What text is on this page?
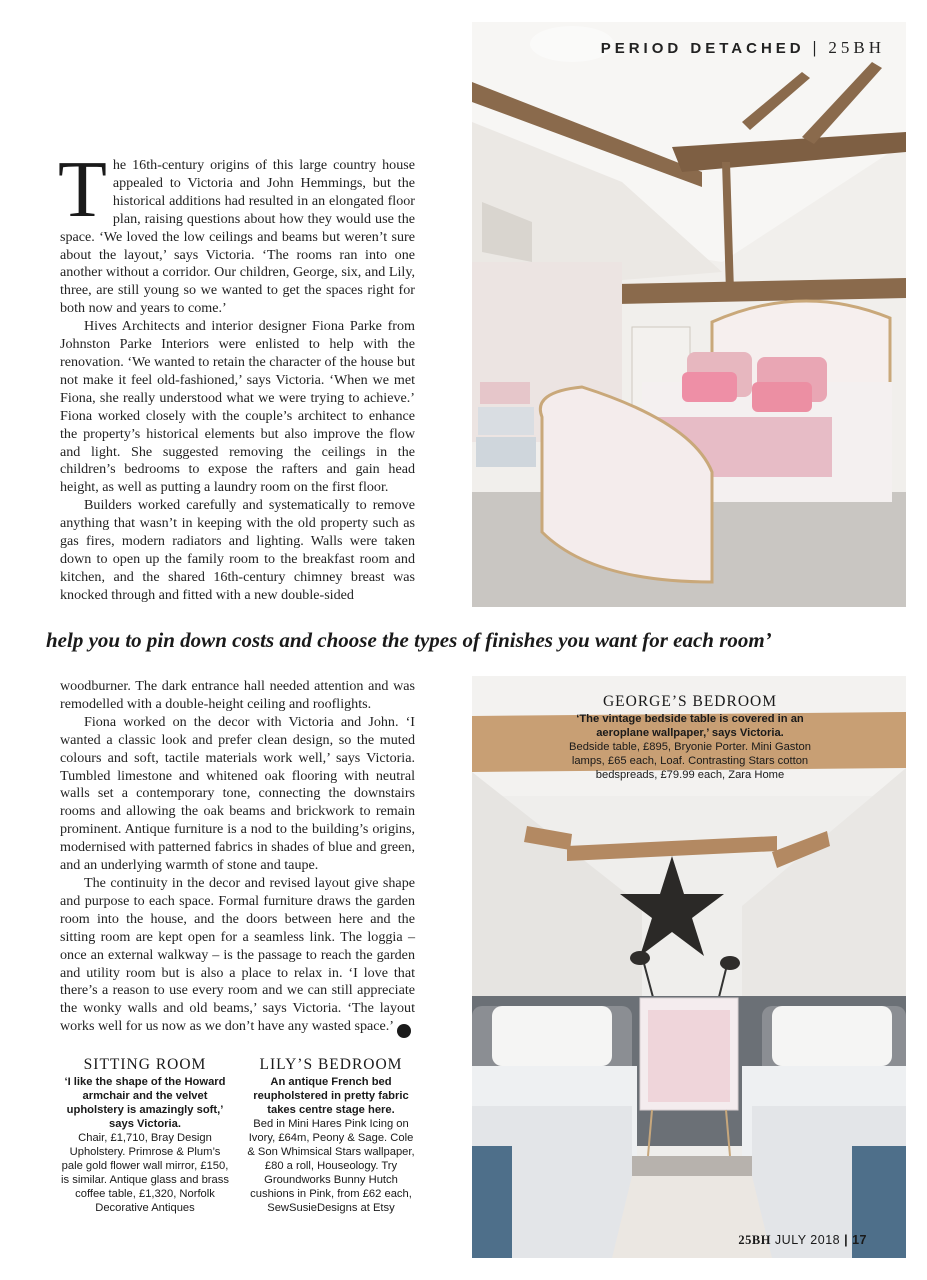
PERIOD DETACHED | 25BH

The 16th-century origins of this large country house appealed to Victoria and John Hemmings, but the historical additions had resulted in an elongated floor plan, raising questions about how they would use the space. ‘We loved the low ceilings and beams but weren’t sure about the layout,’ says Victoria. ‘The rooms ran into one another without a corridor. Our children, George, six, and Lily, three, are still young so we wanted to get the spaces right for both now and years to come.’

Hives Architects and interior designer Fiona Parke from Johnston Parke Interiors were enlisted to help with the renovation. ‘We wanted to retain the character of the house but not make it feel old-fashioned,’ says Victoria. ‘When we met Fiona, she really understood what we were trying to achieve.’ Fiona worked closely with the couple’s architect to enhance the property’s historical elements but also improve the flow and light. She suggested removing the ceilings in the children’s bedrooms to expose the rafters and gain head height, as well as putting a laundry room on the first floor.

Builders worked carefully and systematically to remove anything that wasn’t in keeping with the old property such as gas fires, modern radiators and lighting. Walls were taken down to open up the family room to the breakfast room and kitchen, and the shared 16th-century chimney breast was knocked through and fitted with a new double-sided

help you to pin down costs and choose the types of finishes you want for each room’

woodburner. The dark entrance hall needed attention and was remodelled with a double-height ceiling and rooflights.

Fiona worked on the decor with Victoria and John. ‘I wanted a classic look and prefer clean design, so the muted colours and soft, tactile materials work well,’ says Victoria. Tumbled limestone and whitened oak flooring with neutral walls set a contemporary tone, connecting the downstairs rooms and allowing the oak beams and brickwork to remain prominent. Antique furniture is a nod to the building’s origins, modernised with patterned fabrics in shades of blue and green, and an underlying warmth of stone and taupe.

The continuity in the decor and revised layout give shape and purpose to each space. Formal furniture draws the garden room into the house, and the doors between here and the sitting room are kept open for a seamless link. The loggia – once an external walkway – is the passage to reach the garden and utility room but is also a place to relax in. ‘I love that there’s a reason to use every room and we can still appreciate the wonky walls and old beams,’ says Victoria. ‘The layout works well for us now as we don’t have any wasted space.’	25

SITTING ROOM
‘I like the shape of the Howard armchair and the velvet upholstery is amazingly soft,’ says Victoria.
Chair, £1,710, Bray Design Upholstery. Primrose & Plum’s pale gold flower wall mirror, £150, is similar. Antique glass and brass coffee table, £1,320, Norfolk Decorative Antiques
LILY’S BEDROOM
An antique French bed reupholstered in pretty fabric takes centre stage here.
Bed in Mini Hares Pink Icing on Ivory, £64m, Peony & Sage. Cole & Son Whimsical Stars wallpaper, £80 a roll, Houseology. Try Groundworks Bunny Hutch cushions in Pink, from £62 each, SewSusieDesigns at Etsy
GEORGE’S BEDROOM
‘The vintage bedside table is covered in an aeroplane wallpaper,’ says Victoria.
Bedside table, £895, Bryonie Porter. Mini Gaston lamps, £65 each, Loaf. Contrasting Stars cotton bedspreads, £79.99 each, Zara Home
25BH JULY 2018 | 17
